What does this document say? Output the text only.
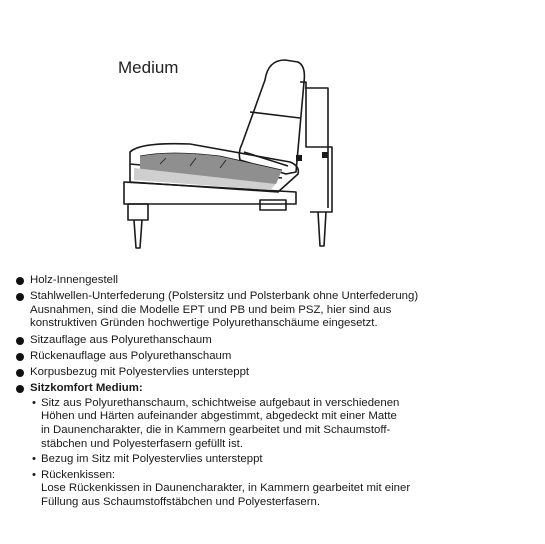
Medium
Holz-Innengestell
Stahlwellen-Unterfederung (Polstersitz und Polsterbank ohne Unterfederung)
Ausnahmen, sind die Modelle EPT und PB und beim PSZ, hier sind aus
konstruktiven Gründen hochwertige Polyurethanschäume eingesetzt.
Sitzauflage aus Polyurethanschaum
Rückenauflage aus Polyurethanschaum
Korpusbezug mit Polyestervlies unterstеppt
Sitzkomfort Medium:
• Sitz aus Polyurethanschaum, schichtweise aufgebaut in verschiedenen
Höhen und Härten aufeinander abgestimmt, abgedeckt mit einer Matte
in Daunencharakter, die in Kammern gearbeitet und mit Schaumstoff-
stäbchen und Polyesterfasern gefüllt ist.
• Bezug im Sitz mit Polyestervlies unterstеppt
• Rückenkissen:
Lose Rückenkissen in Daunencharakter, in Kammern gearbeitet mit einer
Füllung aus Schaumstoffstäbchen und Polyesterfasern.
